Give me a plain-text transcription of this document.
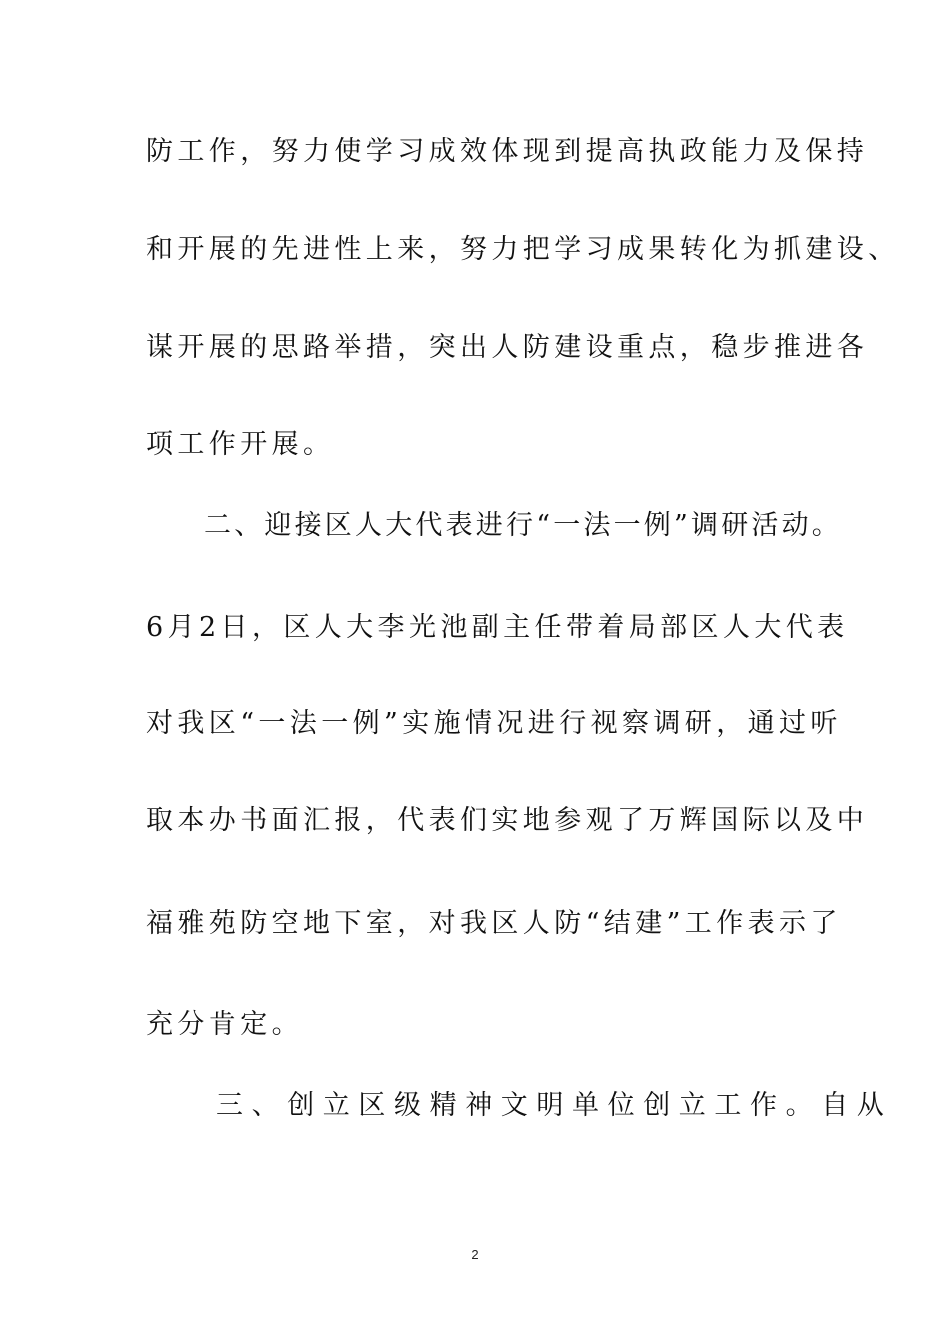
防工作，努力使学习成效体现到提高执政能力及保持
和开展的先进性上来，努力把学习成果转化为抓建设、
谋开展的思路举措，突出人防建设重点，稳步推进各
项工作开展。
二、迎接区人大代表进行“一法一例”调研活动。
6月2日，区人大李光池副主任带着局部区人大代表
对我区“一法一例”实施情况进行视察调研，通过听
取本办书面汇报，代表们实地参观了万辉国际以及中
福雅苑防空地下室，对我区人防“结建”工作表示了
充分肯定。
三、创立区级精神文明单位创立工作。自从
2
